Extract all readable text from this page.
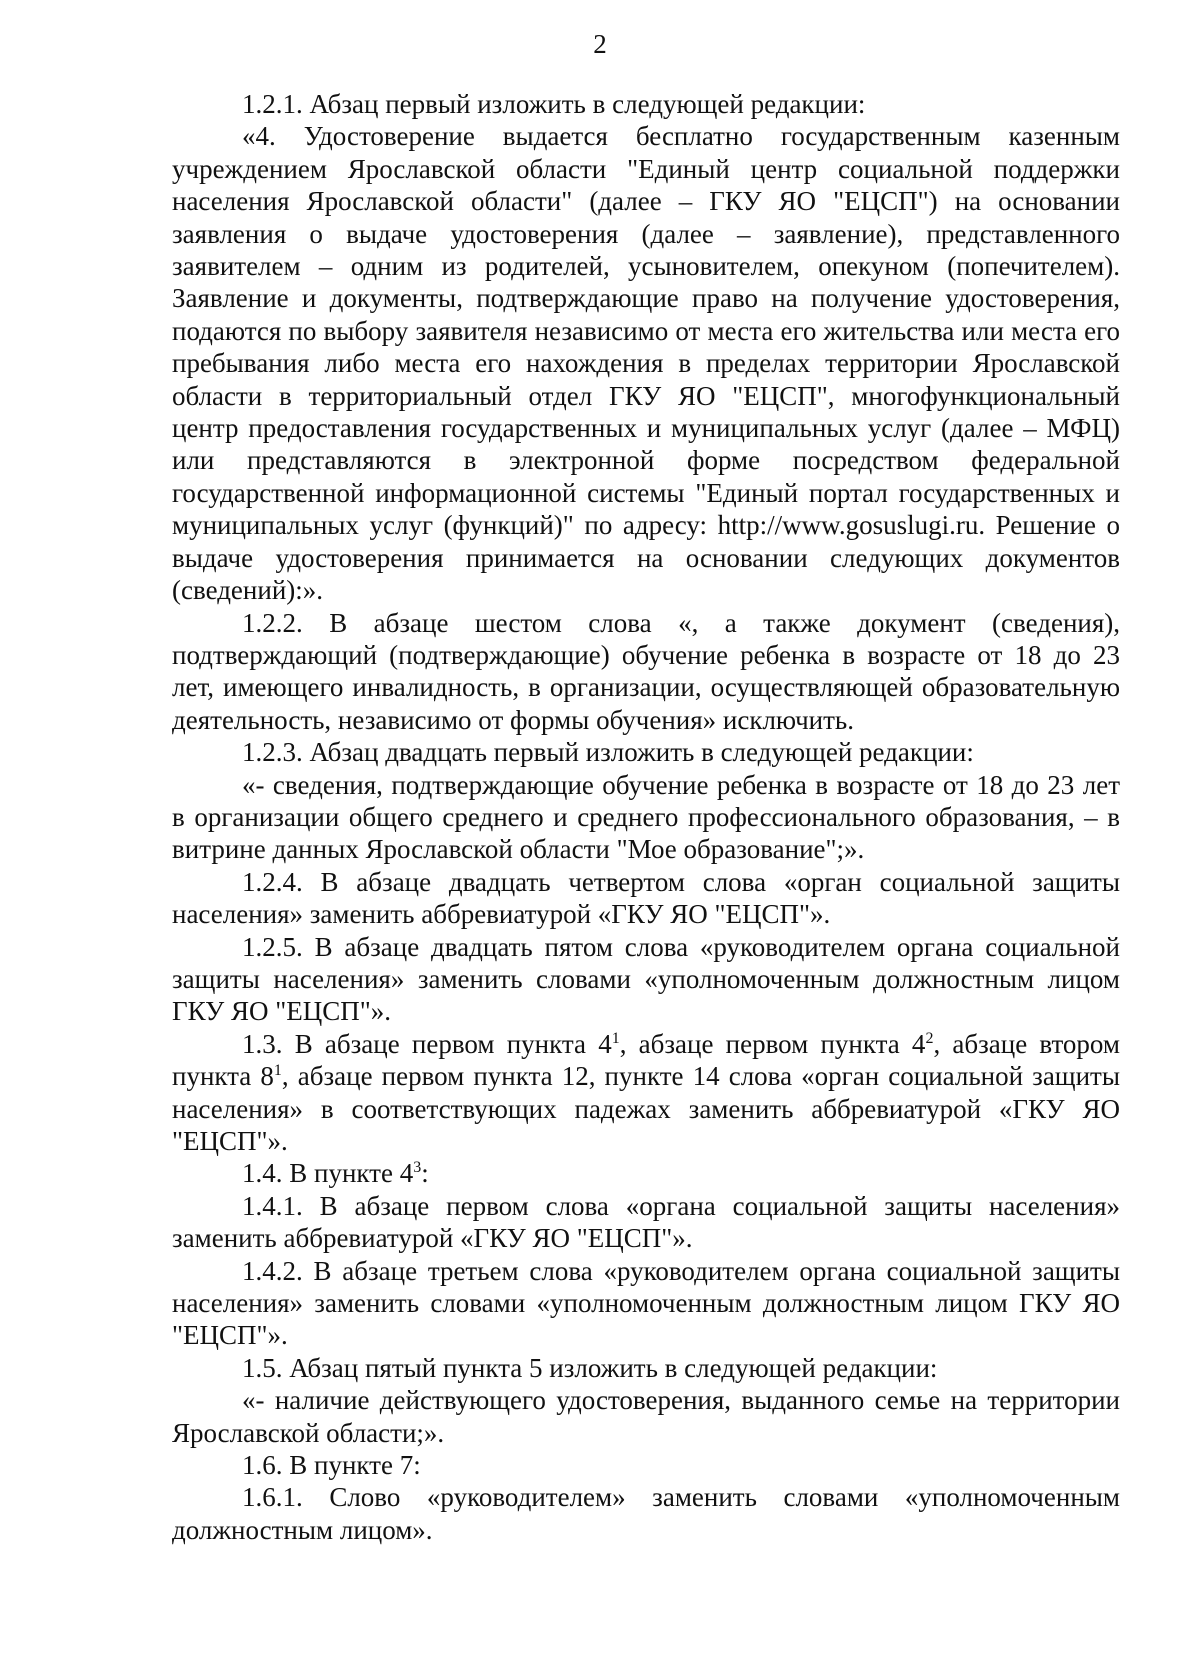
2

1.2.1. Абзац первый изложить в следующей редакции:

«4. Удостоверение выдается бесплатно государственным казенным учреждением Ярославской области "Единый центр социальной поддержки населения Ярославской области" (далее – ГКУ ЯО "ЕЦСП") на основании заявления о выдаче удостоверения (далее – заявление), представленного заявителем – одним из родителей, усыновителем, опекуном (попечителем). Заявление и документы, подтверждающие право на получение удостоверения, подаются по выбору заявителя независимо от места его жительства или места его пребывания либо места его нахождения в пределах территории Ярославской области в территориальный отдел ГКУ ЯО "ЕЦСП", многофункциональный центр предоставления государственных и муниципальных услуг (далее – МФЦ) или представляются в электронной форме посредством федеральной государственной информационной системы "Единый портал государственных и муниципальных услуг (функций)" по адресу: http://www.gosuslugi.ru. Решение о выдаче удостоверения принимается на основании следующих документов (сведений):».

1.2.2. В абзаце шестом слова «, а также документ (сведения), подтверждающий (подтверждающие) обучение ребенка в возрасте от 18 до 23 лет, имеющего инвалидность, в организации, осуществляющей образовательную деятельность, независимо от формы обучения» исключить.

1.2.3. Абзац двадцать первый изложить в следующей редакции:

«- сведения, подтверждающие обучение ребенка в возрасте от 18 до 23 лет в организации общего среднего и среднего профессионального образования, – в витрине данных Ярославской области "Мое образование";».

1.2.4. В абзаце двадцать четвертом слова «орган социальной защиты населения» заменить аббревиатурой «ГКУ ЯО "ЕЦСП"».

1.2.5. В абзаце двадцать пятом слова «руководителем органа социальной защиты населения» заменить словами «уполномоченным должностным лицом ГКУ ЯО "ЕЦСП"».

1.3. В абзаце первом пункта $4^1$, абзаце первом пункта $4^2$, абзаце втором пункта $8^1$, абзаце первом пункта 12, пункте 14 слова «орган социальной защиты населения» в соответствующих падежах заменить аббревиатурой «ГКУ ЯО "ЕЦСП"».

1.4. В пункте $4^3$:

1.4.1. В абзаце первом слова «органа социальной защиты населения» заменить аббревиатурой «ГКУ ЯО "ЕЦСП"».

1.4.2. В абзаце третьем слова «руководителем органа социальной защиты населения» заменить словами «уполномоченным должностным лицом ГКУ ЯО "ЕЦСП"».

1.5. Абзац пятый пункта 5 изложить в следующей редакции:

«- наличие действующего удостоверения, выданного семье на территории Ярославской области;».

1.6. В пункте 7:

1.6.1. Слово «руководителем» заменить словами «уполномоченным должностным лицом».
